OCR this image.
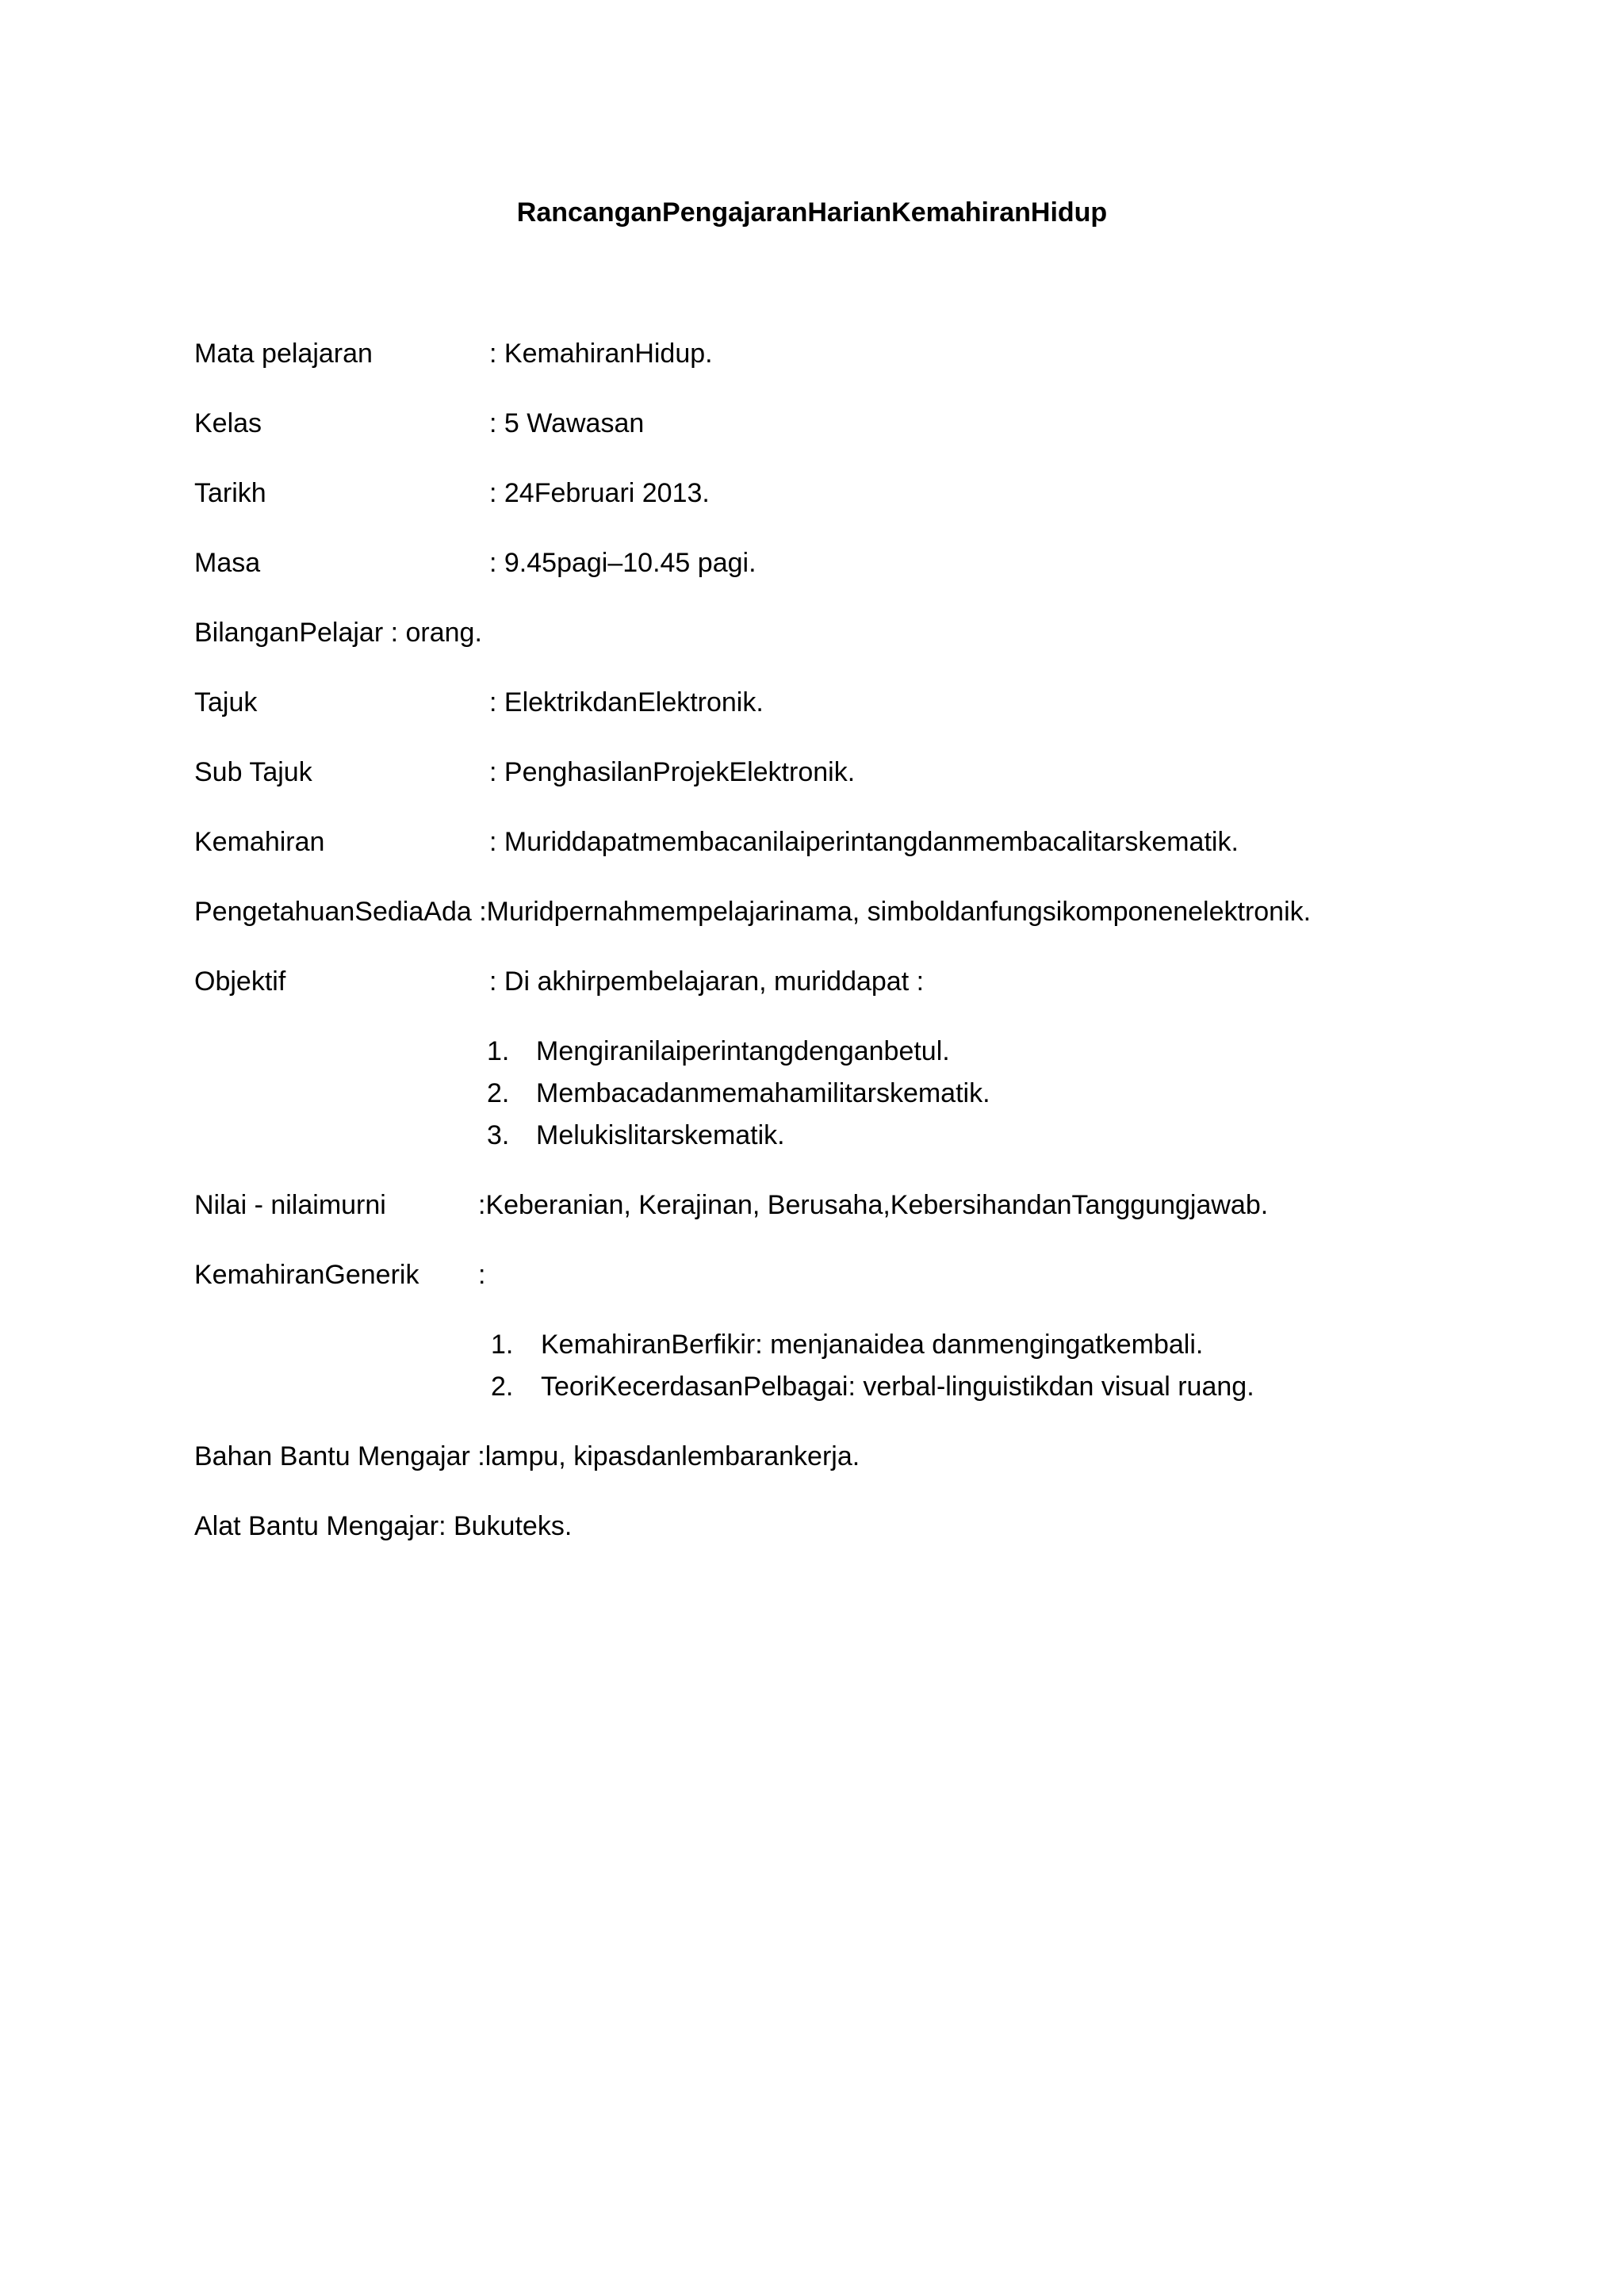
RancanganPengajaranHarianKemahiranHidup
Mata pelajaran	: KemahiranHidup.
Kelas	: 5 Wawasan
Tarikh	: 24Februari 2013.
Masa	: 9.45pagi–10.45 pagi.
BilanganPelajar : orang.
Tajuk	: ElektrikdanElektronik.
Sub Tajuk	: PenghasilanProjekElektronik.
Kemahiran	: Muriddapatmembacanilaiperintangdanmembacalitarskematik.
PengetahuanSediaAda :Muridpernahmempelajarinama, simboldanfungsikomponenelektronik.
Objektif	: Di akhirpembelajaran, muriddapat :
1. Mengiranilaiperintangdenganbetul.
2. Membacadanmemahamilitarskematik.
3. Melukislitarskematik.
Nilai - nilaimurni	:Keberanian, Kerajinan, Berusaha,KebersihandanTanggungjawab.
KemahiranGenerik :
1. KemahiranBerfikir: menjanaidea danmengingatkembali.
2. TeoriKecerdasanPelbagai: verbal-linguistikdan visual ruang.
Bahan Bantu Mengajar :lampu, kipasdanlembarankerja.
Alat Bantu Mengajar: Bukuteks.
